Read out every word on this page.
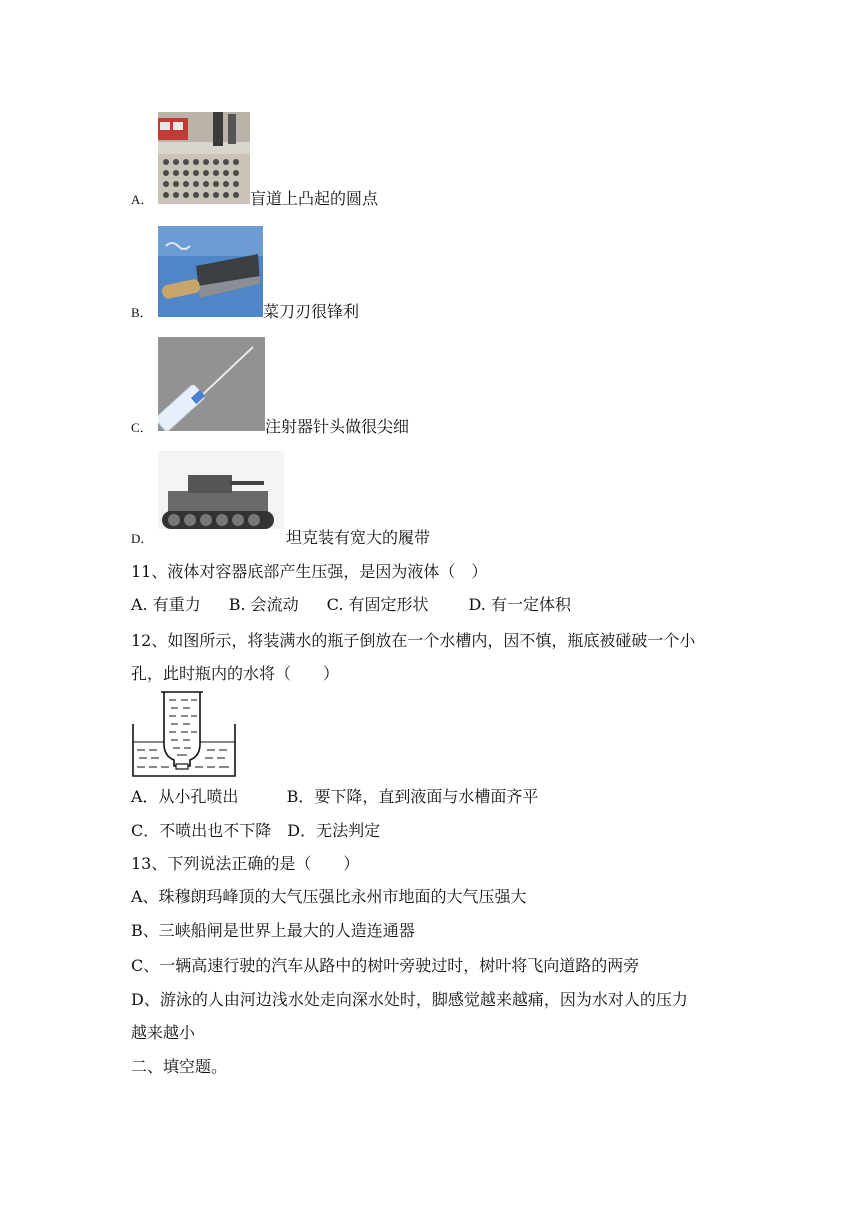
A．	盲道上凸起的圆点
B．	菜刀刃很锋利
C．	注射器针头做很尖细
D．	坦克装有宽大的履带
11、液体对容器底部产生压强，是因为液体（　）
A. 有重力 B. 会流动 C. 有固定形状	D. 有一定体积
12、如图所示，将装满水的瓶子倒放在一个水槽内，因不慎，瓶底被碰破一个小
孔，此时瓶内的水将（　　）
A．从小孔喷出	B．要下降，直到液面与水槽面齐平
C．不喷出也不下降 D．无法判定
13、下列说法正确的是（　　）
A、珠穆朗玛峰顶的大气压强比永州市地面的大气压强大
B、三峡船闸是世界上最大的人造连通器
C、一辆高速行驶的汽车从路中的树叶旁驶过时，树叶将飞向道路的两旁
D、游泳的人由河边浅水处走向深水处时，脚感觉越来越痛，因为水对人的压力
越来越小
二、填空题。
